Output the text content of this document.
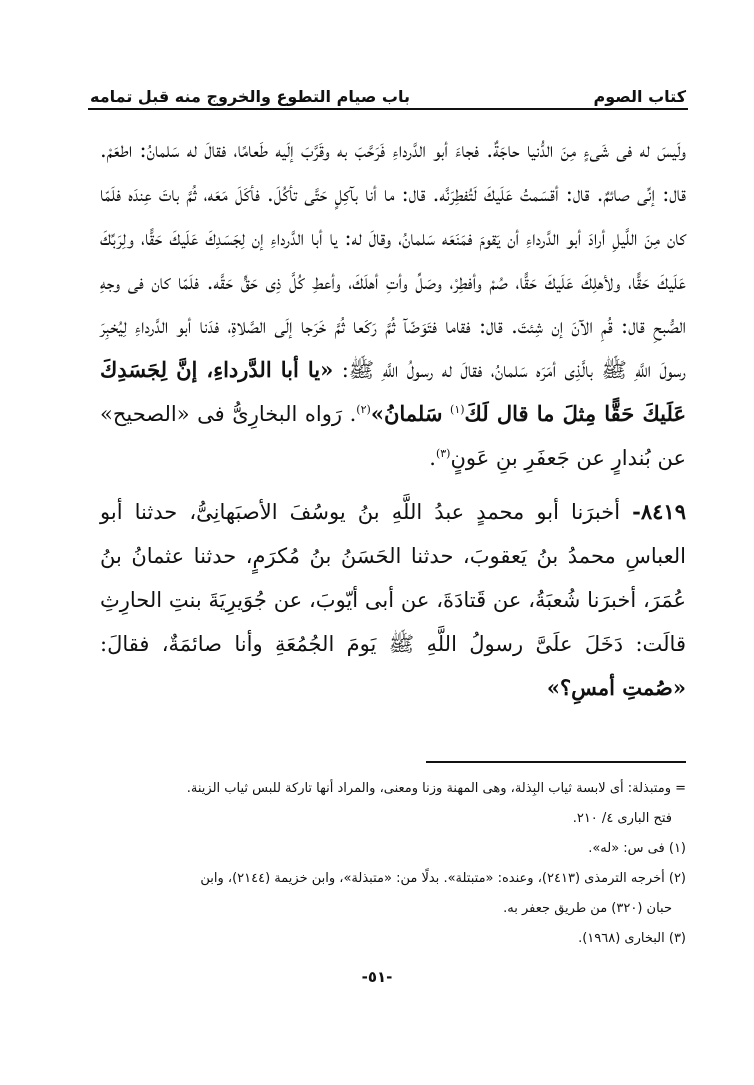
كتاب الصوم
باب صيام التطوع والخروج منه قبل تمامه

ولَيسَ له فى شَىءٍ مِنَ الدُّنيا حاجَةٌ. فجاءَ أبو الدَّرداءِ فَرَحَّبَ به وقَرَّبَ إلَيه طَعامًا، فقالَ له سَلمانُ: اطعَمْ. قال: إنِّى صائمٌ. قال: أقسَمتُ عَلَيكَ لَتُفطِرَنَّه. قال: ما أنا بآكِلٍ حَتَّى تأكُلَ. فأكَلَ مَعَه، ثُمَّ باتَ عِندَه فلَمّا كان مِنَ اللَّيلِ أرادَ أبو الدَّرداءِ أن يَقومَ فمَنَعَه سَلمانُ، وقالَ له: يا أبا الدَّرداءِ إن لِجَسَدِكَ عَلَيكَ حَقًّا، ولِرَبِّكَ عَلَيكَ حَقًّا، ولأهلِكَ عَلَيكَ حَقًّا، صُمْ وأفطِرْ، وصَلِّ وأتِ أهلَكَ، وأعطِ كُلَّ ذِى حَقٍّ حَقَّه. فلَمّا كان فى وجهِ الصُّبحِ قال: قُمِ الآنَ إن شِئتَ. قال: فقاما فتَوَضّآ ثُمَّ رَكَعا ثُمَّ خَرَجا إلَى الصَّلاةِ، فدَنا أبو الدَّرداءِ لِيُخبِرَ رسولَ اللَّهِ ﷺ بالَّذِى أمَرَه سَلمانُ، فقالَ له رسولُ اللَّهِ ﷺ: «يا أبا الدَّرداءِ، إنَّ لِجَسَدِكَ عَلَيكَ حَقًّا مِثلَ ما قال لَكَ$^{(١)}$ سَلمانُ»$^{(٢)}$. رَواه البخارِىُّ فى «الصحيح» عن بُندارٍ عن جَعفَرِ بنِ عَونٍ$^{(٣)}$.

٨٤١٩- أخبرَنا أبو محمدٍ عبدُ اللَّهِ بنُ يوسُفَ الأصبَهانِىُّ، حدثنا أبو العباسِ محمدُ بنُ يَعقوبَ، حدثنا الحَسَنُ بنُ مُكرَمٍ، حدثنا عثمانُ بنُ عُمَرَ، أخبرَنا شُعبَةُ، عن قَتادَةَ، عن أبى أيّوبَ، عن جُوَيرِيَةَ بنتِ الحارِثِ قالَت: دَخَلَ علَىَّ رسولُ اللَّهِ ﷺ يَومَ الجُمُعَةِ وأنا صائمَةٌ، فقالَ: «صُمتِ أمسِ؟»

= ومتبذلة: أى لابسة ثياب البِذلة، وهى المهنة وزنا ومعنى، والمراد أنها تاركة للبس ثياب الزينة.

فتح البارى ٤/ ٢١٠.

(١) فى س: «له».

(٢) أخرجه الترمذى (٢٤١٣)، وعنده: «متبتلة». بدلًا من: «متبذلة»، وابن خزيمة (٢١٤٤)، وابن

حبان (٣٢٠) من طريق جعفر به.

(٣) البخارى (١٩٦٨).

-٥١-
